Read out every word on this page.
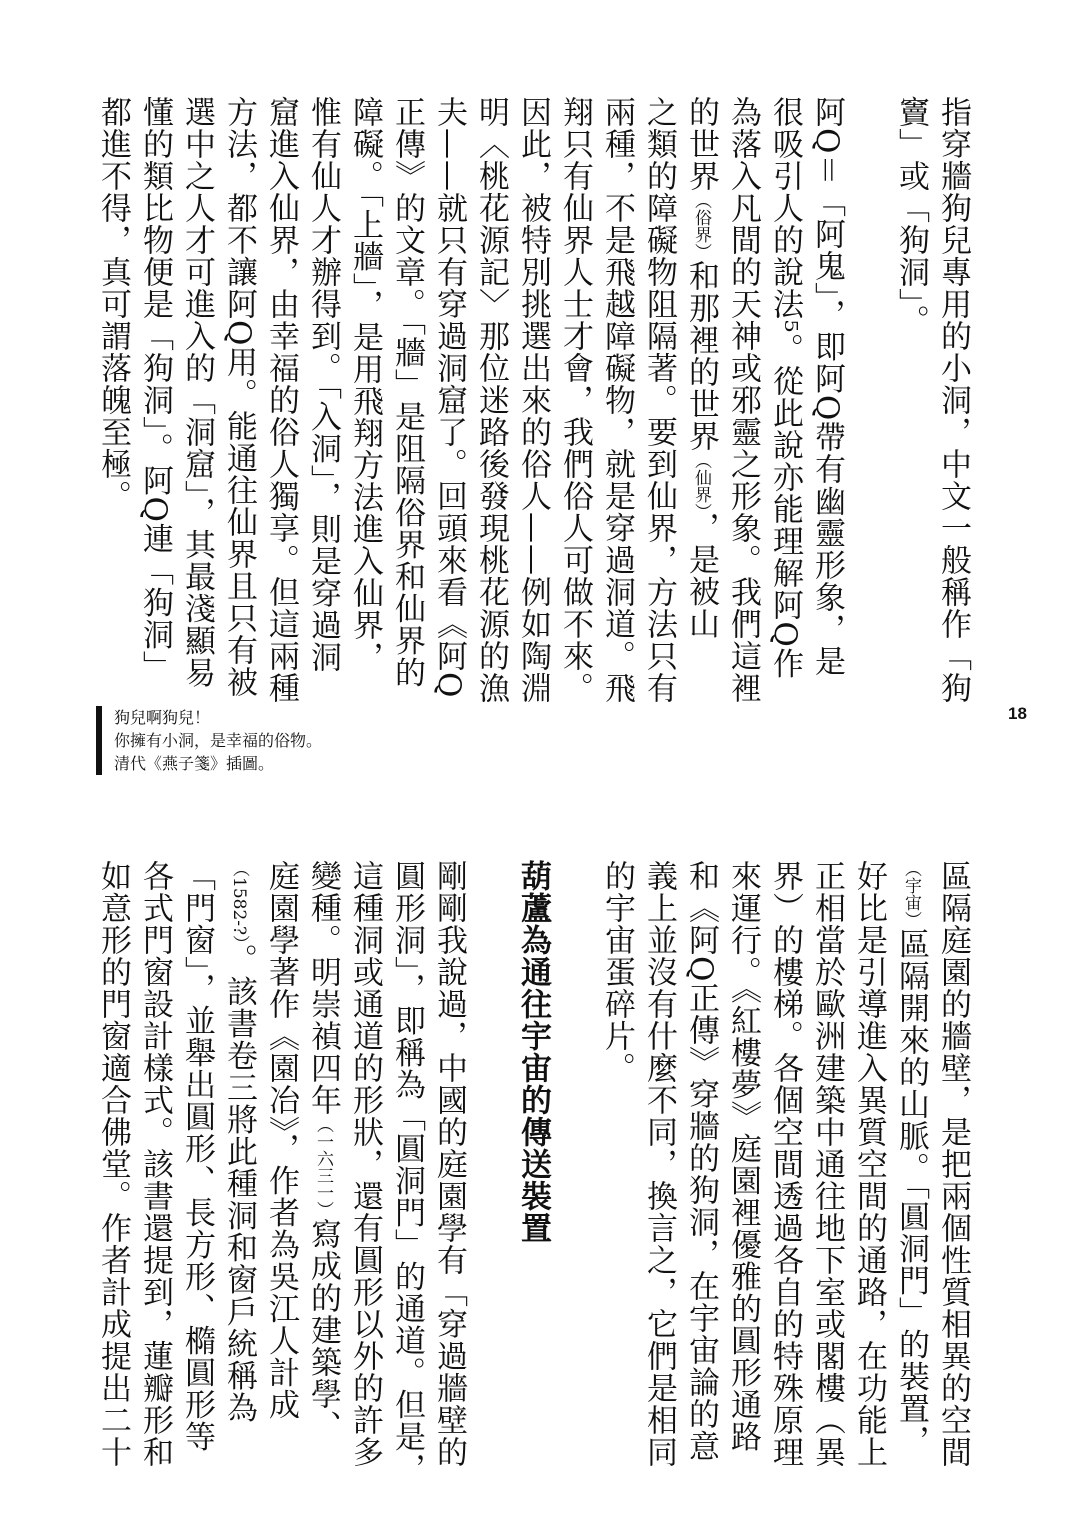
指穿牆狗兒專用的小洞，中文一般稱作「狗
竇」或「狗洞」。

阿Q＝「阿鬼」，即阿Q帶有幽靈形象，是
很吸引人的說法⁵。從此說亦能理解阿Q作
為落入凡間的天神或邪靈之形象。我們這裡
的世界（俗界）和那裡的世界（仙界），是被山
之類的障礙物阻隔著。要到仙界，方法只有
兩種，不是飛越障礙物，就是穿過洞道。飛
翔只有仙界人士才會，我們俗人可做不來。
因此，被特別挑選出來的俗人——例如陶淵
明〈桃花源記〉那位迷路後發現桃花源的漁
夫——就只有穿過洞窟了。回頭來看《阿Q
正傳》的文章。「牆」是阻隔俗界和仙界的
障礙。「上牆」，是用飛翔方法進入仙界，
惟有仙人才辦得到。「入洞」，則是穿過洞
窟進入仙界，由幸福的俗人獨享。但這兩種
方法，都不讓阿Q用。能通往仙界且只有被
選中之人才可進入的「洞窟」，其最淺顯易
懂的類比物便是「狗洞」。阿Q連「狗洞」
都進不得，真可謂落魄至極。
狗兒啊狗兒！
你擁有小洞，是幸福的俗物。
清代《燕子箋》插圖。
18
區隔庭園的牆壁，是把兩個性質相異的空間
（宇宙）區隔開來的山脈。「圓洞門」的裝置，
好比是引導進入異質空間的通路，在功能上
正相當於歐洲建築中通往地下室或閣樓（異
界）的樓梯。各個空間透過各自的特殊原理
來運行。《紅樓夢》庭園裡優雅的圓形通路
和《阿Q正傳》穿牆的狗洞，在宇宙論的意
義上並沒有什麼不同，換言之，它們是相同
的宇宙蛋碎片。

葫蘆為通往宇宙的傳送裝置

剛剛我說過，中國的庭園學有「穿過牆壁的
圓形洞」，即稱為「圓洞門」的通道。但是，
這種洞或通道的形狀，還有圓形以外的許多
變種。明崇禎四年（一六三一）寫成的建築學、
庭園學著作《園冶》，作者為吳江人計成
（1582-?）。該書卷三將此種洞和窗戶統稱為
「門窗」，並舉出圓形、長方形、橢圓形等
各式門窗設計樣式。該書還提到，蓮瓣形和
如意形的門窗適合佛堂。作者計成提出二十
